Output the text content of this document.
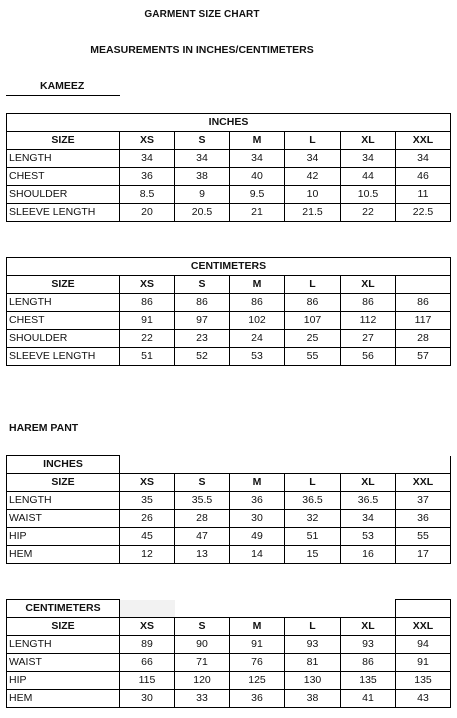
GARMENT SIZE CHART
MEASUREMENTS IN INCHES/CENTIMETERS
KAMEEZ
INCHES						
SIZE	XS	S	M	L	XL	XXL
LENGTH	34	34	34	34	34	34
CHEST	36	38	40	42	44	46
SHOULDER	8.5	9	9.5	10	10.5	11
SLEEVE LENGTH	20	20.5	21	21.5	22	22.5
CENTIMETERS						
SIZE	XS	S	M	L	XL	
LENGTH	86	86	86	86	86	86
CHEST	91	97	102	107	112	117
SHOULDER	22	23	24	25	27	28
SLEEVE LENGTH	51	52	53	55	56	57
HAREM PANT
INCHES						
SIZE	XS	S	M	L	XL	XXL
LENGTH	35	35.5	36	36.5	36.5	37
WAIST	26	28	30	32	34	36
HIP	45	47	49	51	53	55
HEM	12	13	14	15	16	17
CENTIMETERS						
SIZE	XS	S	M	L	XL	XXL
LENGTH	89	90	91	93	93	94
WAIST	66	71	76	81	86	91
HIP	115	120	125	130	135	135
HEM	30	33	36	38	41	43
